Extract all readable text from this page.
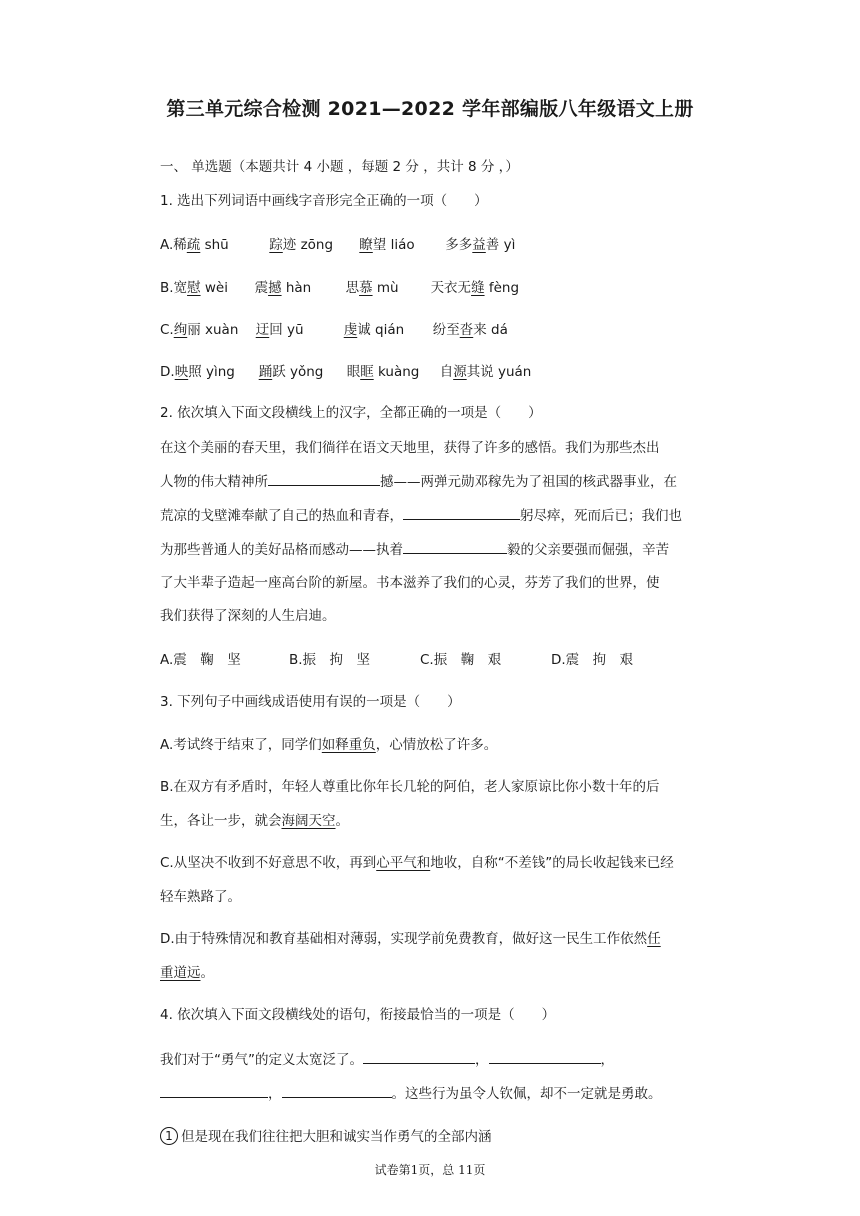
第三单元综合检测 2021—2022 学年部编版八年级语文上册
一、 单选题（本题共计 4 小题 ，每题 2 分 ，共计 8 分 ，）
1. 选出下列词语中画线字音形完全正确的一项（　　）
A.稀疏 shū	踪迹 zōng 瞭望 liáo 多多益善 yì
B.宽慰 wèi 震撼 hàn	思慕 mù 天衣无缝 fèng
C.绚丽 xuàn 迂回 yū	虔诚 qián 纷至沓来 dá
D.映照 yìng 踊跃 yǒng 眼眶 kuàng 自源其说 yuán
2. 依次填入下面文段横线上的汉字，全都正确的一项是（　　）
在这个美丽的春天里，我们徜徉在语文天地里，获得了许多的感悟。我们为那些杰出
人物的伟大精神所	撼——两弹元勋邓稼先为了祖国的核武器事业，在
荒凉的戈壁滩奉献了自己的热血和青春，	躬尽瘁，死而后已；我们也
为那些普通人的美好品格而感动——执着	毅的父亲要强而倔强，辛苦
了大半辈子造起一座高台阶的新屋。书本滋养了我们的心灵，芬芳了我们的世界，使
我们获得了深刻的人生启迪。
A.震　鞠　坚	B.振　拘　坚	C.振　鞠　艰	D.震　拘　艰
3. 下列句子中画线成语使用有误的一项是（　　）
A.考试终于结束了，同学们如释重负，心情放松了许多。
B.在双方有矛盾时，年轻人尊重比你年长几轮的阿伯，老人家原谅比你小数十年的后
生，各让一步，就会海阔天空。
C.从坚决不收到不好意思不收，再到心平气和地收，自称“不差钱”的局长收起钱来已经
轻车熟路了。
D.由于特殊情况和教育基础相对薄弱，实现学前免费教育，做好这一民生工作依然任
重道远。
4. 依次填入下面文段横线处的语句，衔接最恰当的一项是（　　）
我们对于“勇气”的定义太宽泛了。	，	，
，	。这些行为虽令人钦佩，却不一定就是勇敢。
1 但是现在我们往往把大胆和诚实当作勇气的全部内涵
试卷第1页，总 11页
